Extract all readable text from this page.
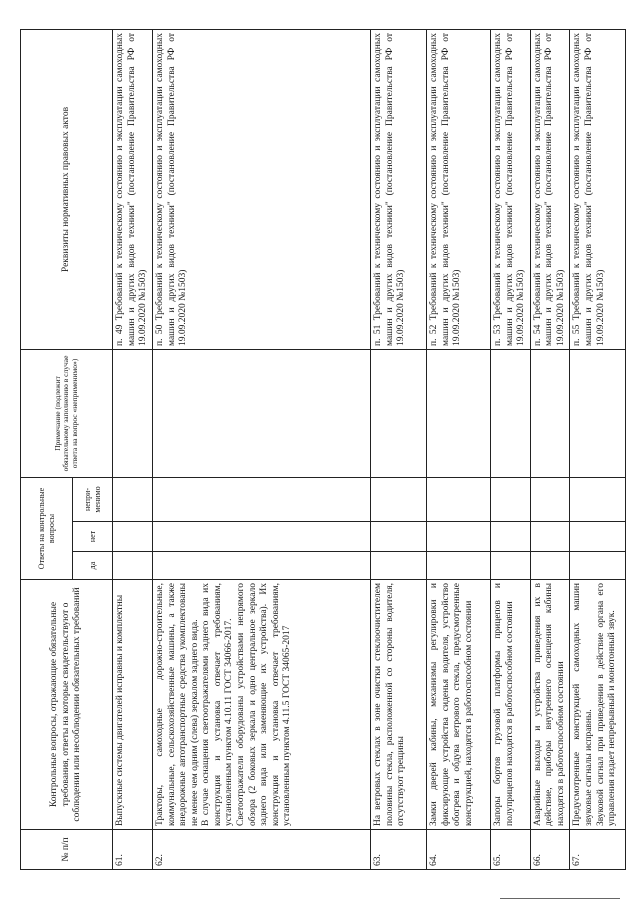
№ п/п	Контрольные вопросы, отражающие обязательные требования, ответы на которые свидетельствуют о соблюдении или несоблюдении обязательных требований	Ответы на контрольные вопросы			Примечание (подлежит обязательному заполнению в случае ответа на вопрос «неприменимо»)	Реквизиты нормативных правовых актов
		да	нет	непри-менимо		

61.	Выпускные системы двигателей исправны и комплектны					п. 49 Требований к техническому состоянию и эксплуатации самоходных машин и других видов техники" (постановление Правительства РФ от 19.09.2020 №1503)

62.	Тракторы, самоходные дорожно-строительные, коммунальные, сельскохозяйственные машины, а также внедорожные автотранспортные средства укомплектованы не менее чем одним (слева) зеркалом заднего вида. В случае оснащения светоотражателями заднего вида их конструкция и установка отвечает требованиям, установленным пунктом 4.10.11 ГОСТ 34066-2017. Светоотражатели оборудованы устройствами непрямого обзора (2 боковых зеркала и одно центральное зеркало заднего вида или заменяющие их устройства). Их конструкция и установка отвечает требованиям, установленным пунктом 4.11.5 ГОСТ 34065-2017					п. 50 Требований к техническому состоянию и эксплуатации самоходных машин и других видов техники" (постановление Правительства РФ от 19.09.2020 №1503)

63.	На ветровых стеклах в зоне очистки стеклоочистителем половины стекла, расположенной со стороны водителя, отсутствуют трещины					п. 51 Требований к техническому состоянию и эксплуатации самоходных машин и других видов техники" (постановление Правительства РФ от 19.09.2020 №1503)

64.	Замки дверей кабины, механизмы регулировки и фиксирующие устройства сиденья водителя, устройство обогрева и обдува ветрового стекла, предусмотренные конструкцией, находятся в работоспособном состоянии					п. 52 Требований к техническому состоянию и эксплуатации самоходных машин и других видов техники" (постановление Правительства РФ от 19.09.2020 №1503)

65.	Запоры бортов грузовой платформы прицепов и полуприцепов находятся в работоспособном состоянии					п. 53 Требований к техническому состоянию и эксплуатации самоходных машин и других видов техники" (постановление Правительства РФ от 19.09.2020 №1503)

66.	Аварийные выходы и устройства приведения их в действие, приборы внутреннего освещения кабины находятся в работоспособном состоянии					п. 54 Требований к техническому состоянию и эксплуатации самоходных машин и других видов техники" (постановление Правительства РФ от 19.09.2020 №1503)

67.	Предусмотренные конструкцией самоходных машин звуковые сигналы исправны. Звуковой сигнал при приведении в действие органа его управления издает непрерывный и монотонный звук.					п. 55 Требований к техническому состоянию и эксплуатации самоходных машин и других видов техники" (постановление Правительства РФ от 19.09.2020 №1503)
